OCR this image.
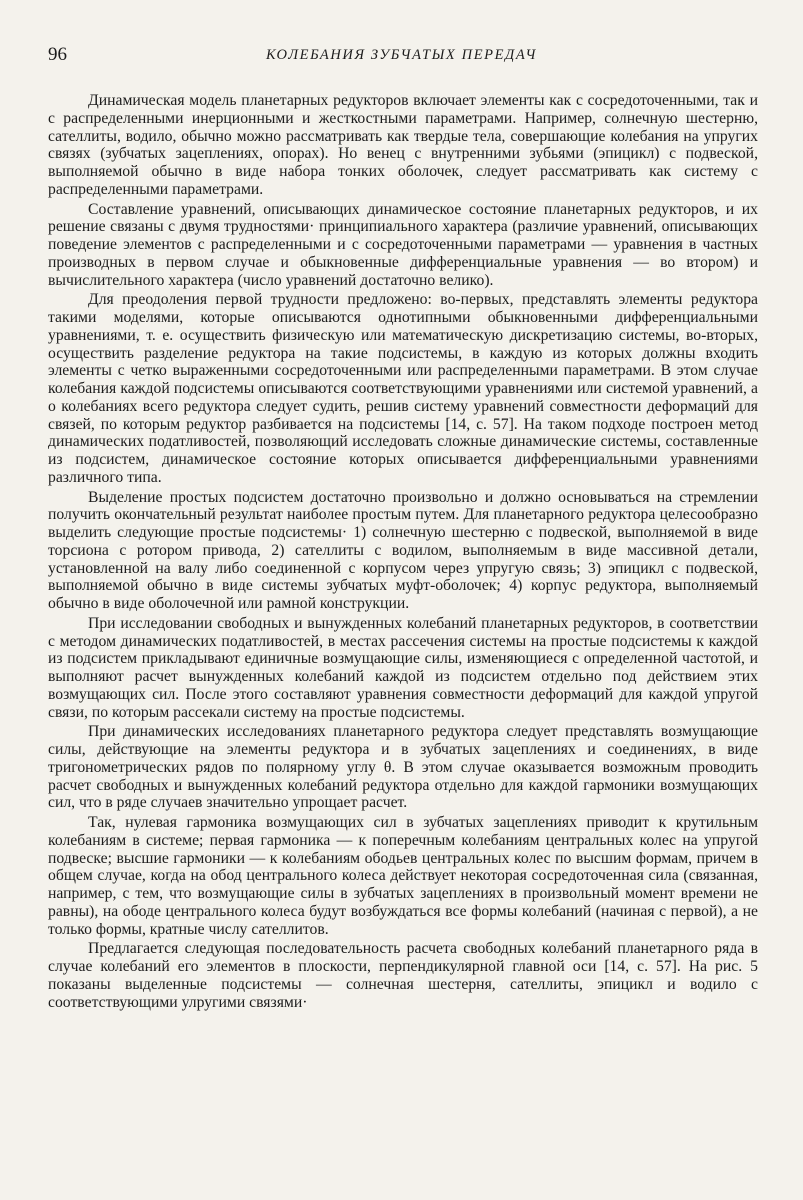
96	КОЛЕБАНИЯ ЗУБЧАТЫХ ПЕРЕДАЧ

Динамическая модель планетарных редукторов включает элементы как с сосредоточенными, так и с распределенными инерционными и жесткостными параметрами. Например, солнечную шестерню, сателлиты, водило, обычно можно рассматривать как твердые тела, совершающие колебания на упругих связях (зубчатых зацеплениях, опорах). Но венец с внутренними зубьями (эпицикл) с подвеской, выполняемой обычно в виде набора тонких оболочек, следует рассматривать как систему с распределенными параметрами.

Составление уравнений, описывающих динамическое состояние планетарных редукторов, и их решение связаны с двумя трудностями· принципиального характера (различие уравнений, описывающих поведение элементов с распределенными и с сосредоточенными параметрами — уравнения в частных производных в первом случае и обыкновенные дифференциальные уравнения — во втором) и вычислительного характера (число уравнений достаточно велико).

Для преодоления первой трудности предложено: во-первых, представлять элементы редуктора такими моделями, которые описываются однотипными обыкновенными дифференциальными уравнениями, т. е. осуществить физическую или математическую дискретизацию системы, во-вторых, осуществить разделение редуктора на такие подсистемы, в каждую из которых должны входить элементы с четко выраженными сосредоточенными или распределенными параметрами. В этом случае колебания каждой подсистемы описываются соответствующими уравнениями или системой уравнений, а о колебаниях всего редуктора следует судить, решив систему уравнений совместности деформаций для связей, по которым редуктор разбивается на подсистемы [14, с. 57]. На таком подходе построен метод динамических податливостей, позволяющий исследовать сложные динамические системы, составленные из подсистем, динамическое состояние которых описывается дифференциальными уравнениями различного типа.

Выделение простых подсистем достаточно произвольно и должно основываться на стремлении получить окончательный результат наиболее простым путем. Для планетарного редуктора целесообразно выделить следующие простые подсистемы· 1) солнечную шестерню с подвеской, выполняемой в виде торсиона с ротором привода, 2) сателлиты с водилом, выполняемым в виде массивной детали, установленной на валу либо соединенной с корпусом через упругую связь; 3) эпицикл с подвеской, выполняемой обычно в виде системы зубчатых муфт-оболочек; 4) корпус редуктора, выполняемый обычно в виде оболочечной или рамной конструкции.

При исследовании свободных и вынужденных колебаний планетарных редукторов, в соответствии с методом динамических податливостей, в местах рассечения системы на простые подсистемы к каждой из подсистем прикладывают единичные возмущающие силы, изменяющиеся с определенной частотой, и выполняют расчет вынужденных колебаний каждой из подсистем отдельно под действием этих возмущающих сил. После этого составляют уравнения совместности деформаций для каждой упругой связи, по которым рассекали систему на простые подсистемы.

При динамических исследованиях планетарного редуктора следует представлять возмущающие силы, действующие на элементы редуктора и в зубчатых зацеплениях и соединениях, в виде тригонометрических рядов по полярному углу θ. В этом случае оказывается возможным проводить расчет свободных и вынужденных колебаний редуктора отдельно для каждой гармоники возмущающих сил, что в ряде случаев значительно упрощает расчет.

Так, нулевая гармоника возмущающих сил в зубчатых зацеплениях приводит к крутильным колебаниям в системе; первая гармоника — к поперечным колебаниям центральных колес на упругой подвеске; высшие гармоники — к колебаниям ободьев центральных колес по высшим формам, причем в общем случае, когда на обод центрального колеса действует некоторая сосредоточенная сила (связанная, например, с тем, что возмущающие силы в зубчатых зацеплениях в произвольный момент времени не равны), на ободе центрального колеса будут возбуждаться все формы колебаний (начиная с первой), а не только формы, кратные числу сателлитов.

Предлагается следующая последовательность расчета свободных колебаний планетарного ряда в случае колебаний его элементов в плоскости, перпендикулярной главной оси [14, с. 57]. На рис. 5 показаны выделенные подсистемы — солнечная шестерня, сателлиты, эпицикл и водило с соответствующими улругими связями·
